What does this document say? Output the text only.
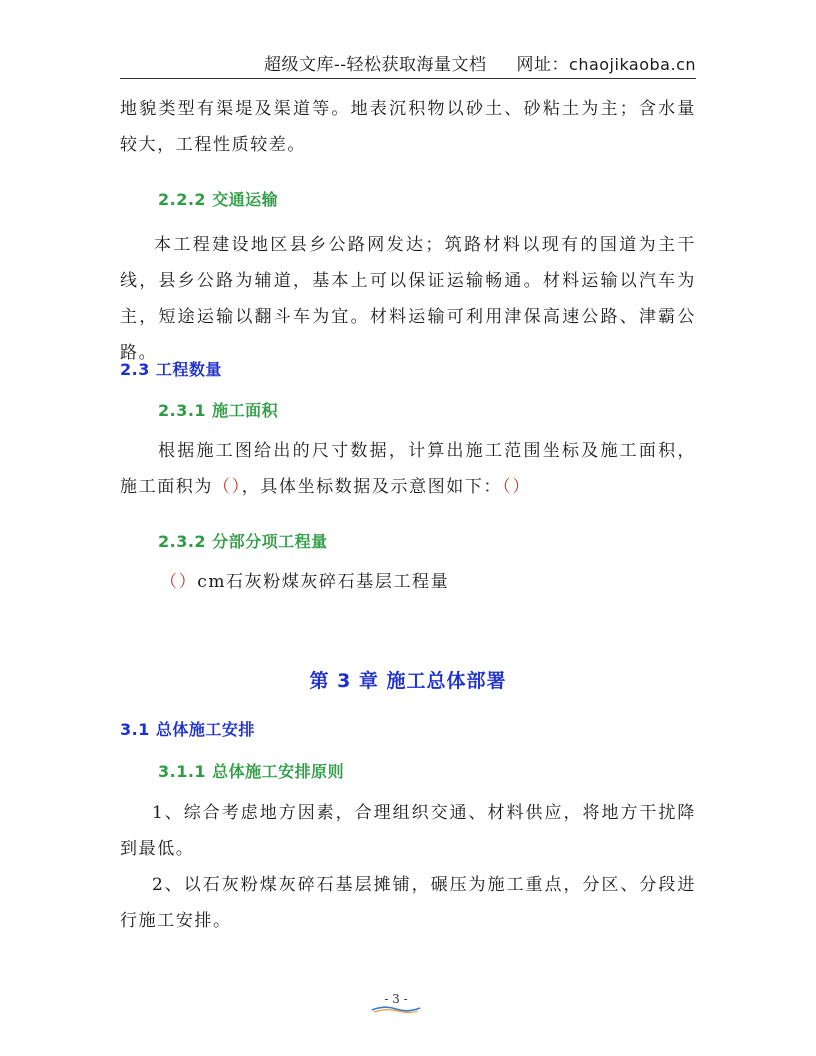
超级文库--轻松获取海量文档 网址：chaojikaoba.cn
地貌类型有渠堤及渠道等。地表沉积物以砂土、砂粘土为主；含水量较大，工程性质较差。
2.2.2 交通运输
本工程建设地区县乡公路网发达；筑路材料以现有的国道为主干线，县乡公路为辅道，基本上可以保证运输畅通。材料运输以汽车为主，短途运输以翻斗车为宜。材料运输可利用津保高速公路、津霸公路。
2.3 工程数量
2.3.1 施工面积
根据施工图给出的尺寸数据，计算出施工范围坐标及施工面积，施工面积为（），具体坐标数据及示意图如下：（）
2.3.2 分部分项工程量
（）cm石灰粉煤灰碎石基层工程量
第 3 章 施工总体部署
3.1 总体施工安排
3.1.1 总体施工安排原则
1、综合考虑地方因素，合理组织交通、材料供应，将地方干扰降到最低。
2、以石灰粉煤灰碎石基层摊铺，碾压为施工重点，分区、分段进行施工安排。
- 3 -
